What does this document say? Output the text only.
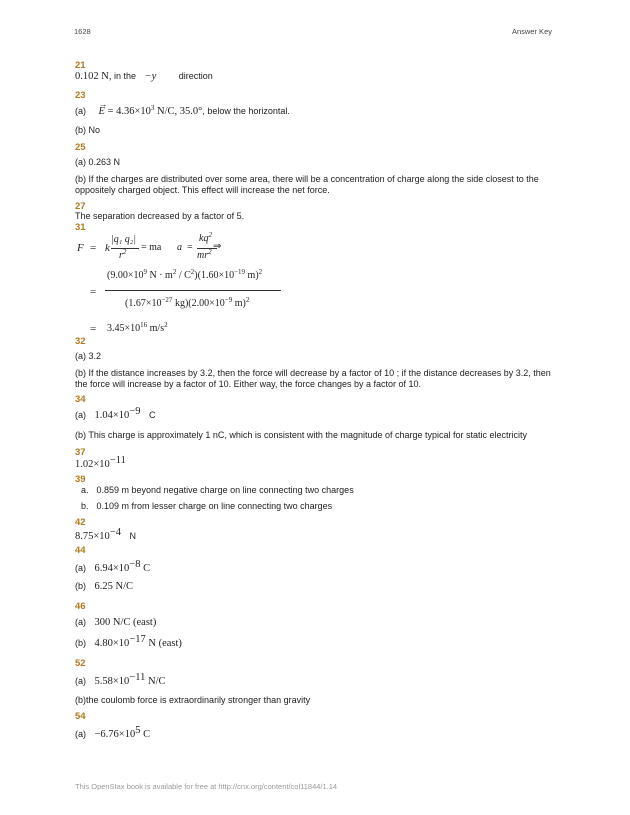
1628	Answer Key
21
0.102 N, in the −y	direction
23
(a)
→
$E = 4.36\times 10^3$ N/C, 35.0°, below the horizontal.
(b) No
25
(a) 0.263 N
(b) If the charges are distributed over some area, there will be a concentration of charge along the side closest to the oppositely charged object. This effect will increase the net force.
27
The separation decreased by a factor of 5.
31
F = k
|q₁ q₂|
$r^2$ = ma a =
$kq^2$
$mr^2$ ⇒
=
($9.00\times 10^9$ $N \cdot m^2 / C^2)(1.60\times 10^{-19}$ m)$^2$
($1.67\times 10^{-27}$ $kg)(2.00\times 10^{-9}$ m)$^2$
= $3.45\times 10^{16}$ $m/s^2$
32
(a) 3.2
(b) If the distance increases by 3.2, then the force will decrease by a factor of 10 ; if the distance decreases by 3.2, then the force will increase by a factor of 10. Either way, the force changes by a factor of 10.
34
(a) $1.04\times 10^{-9}$ C
(b) This charge is approximately 1 nC, which is consistent with the magnitude of charge typical for static electricity
37
$1.02\times 10^{-11}$
39
a. 0.859 m beyond negative charge on line connecting two charges
b. 0.109 m from lesser charge on line connecting two charges
42
$8.75\times 10^{-4}$ N
44
(a) $6.94\times 10^{-8}$ C
(b) 6.25 N/C
46
(a) 300 N/C (east)
(b) $4.80\times 10^{-17}$ N (east)
52
(a) $5.58\times 10^{-11}$ N/C
(b)the coulomb force is extraordinarily stronger than gravity
54
$(a) -6.76\times 10^5$ C
This OpenStax book is available for free at http://cnx.org/content/col11844/1.14
